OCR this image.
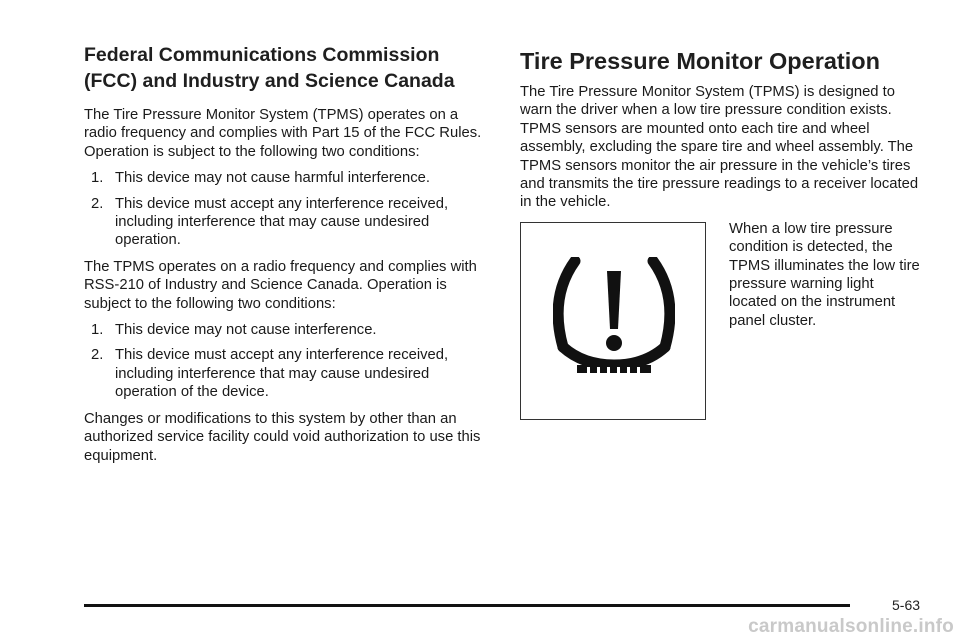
Federal Communications Commission (FCC) and Industry and Science Canada

The Tire Pressure Monitor System (TPMS) operates on a radio frequency and complies with Part 15 of the FCC Rules. Operation is subject to the following two conditions:

1. This device may not cause harmful interference.
2. This device must accept any interference received, including interference that may cause undesired operation.

The TPMS operates on a radio frequency and complies with RSS-210 of Industry and Science Canada. Operation is subject to the following two conditions:

1. This device may not cause interference.
2. This device must accept any interference received, including interference that may cause undesired operation of the device.

Changes or modifications to this system by other than an authorized service facility could void authorization to use this equipment.

Tire Pressure Monitor Operation

The Tire Pressure Monitor System (TPMS) is designed to warn the driver when a low tire pressure condition exists. TPMS sensors are mounted onto each tire and wheel assembly, excluding the spare tire and wheel assembly. The TPMS sensors monitor the air pressure in the vehicle’s tires and transmits the tire pressure readings to a receiver located in the vehicle.

When a low tire pressure condition is detected, the TPMS illuminates the low tire pressure warning light located on the instrument panel cluster.

5-63
carmanualsonline.info
